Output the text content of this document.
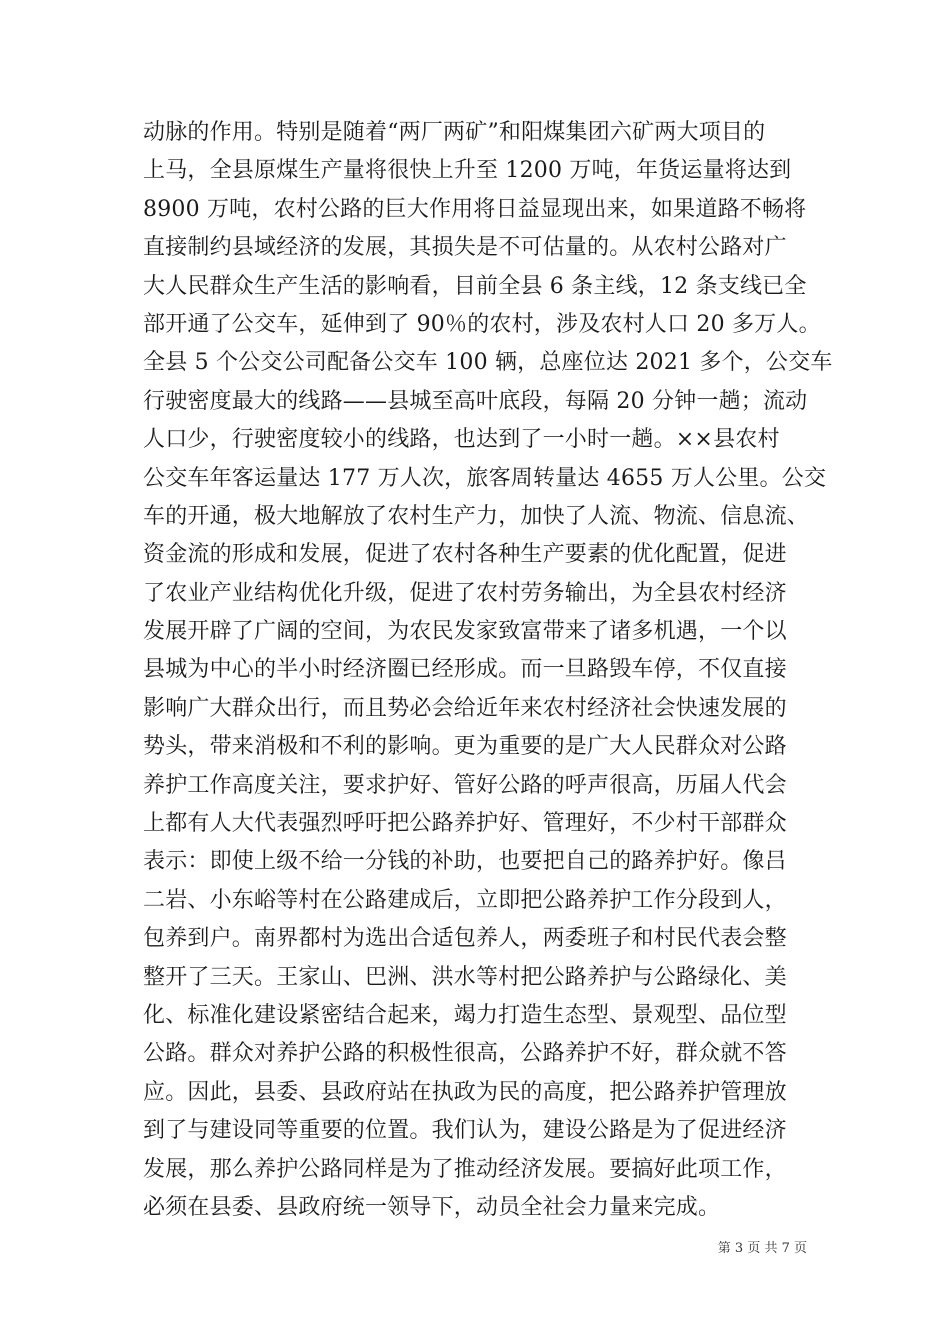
动脉的作用。特别是随着“两厂两矿”和阳煤集团六矿两大项目的
上马，全县原煤生产量将很快上升至 1200 万吨，年货运量将达到
8900 万吨，农村公路的巨大作用将日益显现出来，如果道路不畅将
直接制约县域经济的发展，其损失是不可估量的。从农村公路对广
大人民群众生产生活的影响看，目前全县 6 条主线，12 条支线已全
部开通了公交车，延伸到了 90％的农村，涉及农村人口 20 多万人。
全县 5 个公交公司配备公交车 100 辆，总座位达 2021 多个，公交车
行驶密度最大的线路——县城至高叶底段，每隔 20 分钟一趟；流动
人口少，行驶密度较小的线路，也达到了一小时一趟。××县农村
公交车年客运量达 177 万人次，旅客周转量达 4655 万人公里。公交
车的开通，极大地解放了农村生产力，加快了人流、物流、信息流、
资金流的形成和发展，促进了农村各种生产要素的优化配置，促进
了农业产业结构优化升级，促进了农村劳务输出，为全县农村经济
发展开辟了广阔的空间，为农民发家致富带来了诸多机遇，一个以
县城为中心的半小时经济圈已经形成。而一旦路毁车停，不仅直接
影响广大群众出行，而且势必会给近年来农村经济社会快速发展的
势头，带来消极和不利的影响。更为重要的是广大人民群众对公路
养护工作高度关注，要求护好、管好公路的呼声很高，历届人代会
上都有人大代表强烈呼吁把公路养护好、管理好，不少村干部群众
表示：即使上级不给一分钱的补助，也要把自己的路养护好。像吕
二岩、小东峪等村在公路建成后，立即把公路养护工作分段到人，
包养到户。南界都村为选出合适包养人，两委班子和村民代表会整
整开了三天。王家山、巴洲、洪水等村把公路养护与公路绿化、美
化、标准化建设紧密结合起来，竭力打造生态型、景观型、品位型
公路。群众对养护公路的积极性很高，公路养护不好，群众就不答
应。因此，县委、县政府站在执政为民的高度，把公路养护管理放
到了与建设同等重要的位置。我们认为，建设公路是为了促进经济
发展，那么养护公路同样是为了推动经济发展。要搞好此项工作，
必须在县委、县政府统一领导下，动员全社会力量来完成。
第 3 页 共 7 页
